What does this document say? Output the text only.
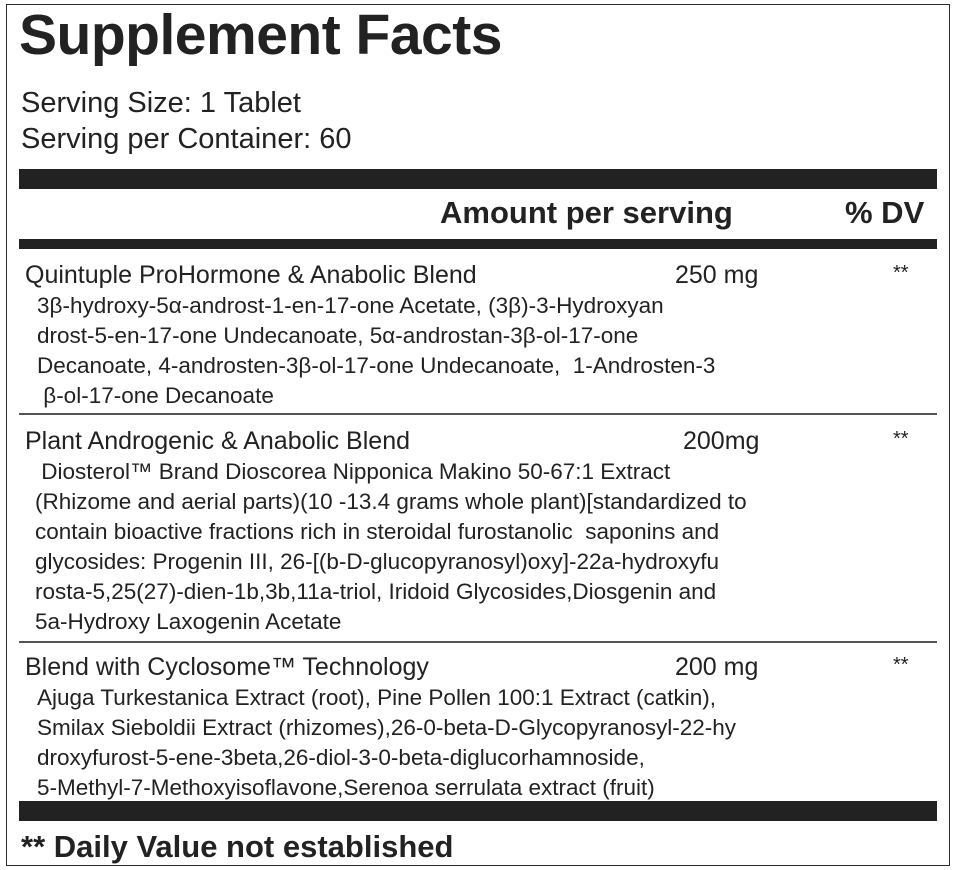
Supplement Facts
Serving Size: 1 Tablet
Serving per Container: 60
Amount per serving	% DV
Quintuple ProHormone & Anabolic Blend	250 mg	**
3β-hydroxy-5α-androst-1-en-17-one Acetate, (3β)-3-Hydroxyan
drost-5-en-17-one Undecanoate, 5α-androstan-3β-ol-17-one
Decanoate, 4-androsten-3β-ol-17-one Undecanoate,  1-Androsten-3
β-ol-17-one Decanoate
Plant Androgenic & Anabolic Blend	200mg	**
Diosterol™ Brand Dioscorea Nipponica Makino 50-67:1 Extract
(Rhizome and aerial parts)(10 -13.4 grams whole plant)[standardized to
contain bioactive fractions rich in steroidal furostanolic  saponins and
glycosides: Progenin III, 26-[(b-D-glucopyranosyl)oxy]-22a-hydroxyfu
rosta-5,25(27)-dien-1b,3b,11a-triol, Iridoid Glycosides,Diosgenin and
5a-Hydroxy Laxogenin Acetate
Blend with Cyclosome™ Technology	200 mg	**
Ajuga Turkestanica Extract (root), Pine Pollen 100:1 Extract (catkin),
Smilax Sieboldii Extract (rhizomes),26-0-beta-D-Glycopyranosyl-22-hy
droxyfurost-5-ene-3beta,26-diol-3-0-beta-diglucorhamnoside,
5-Methyl-7-Methoxyisoflavone,Serenoa serrulata extract (fruit)
** Daily Value not established
